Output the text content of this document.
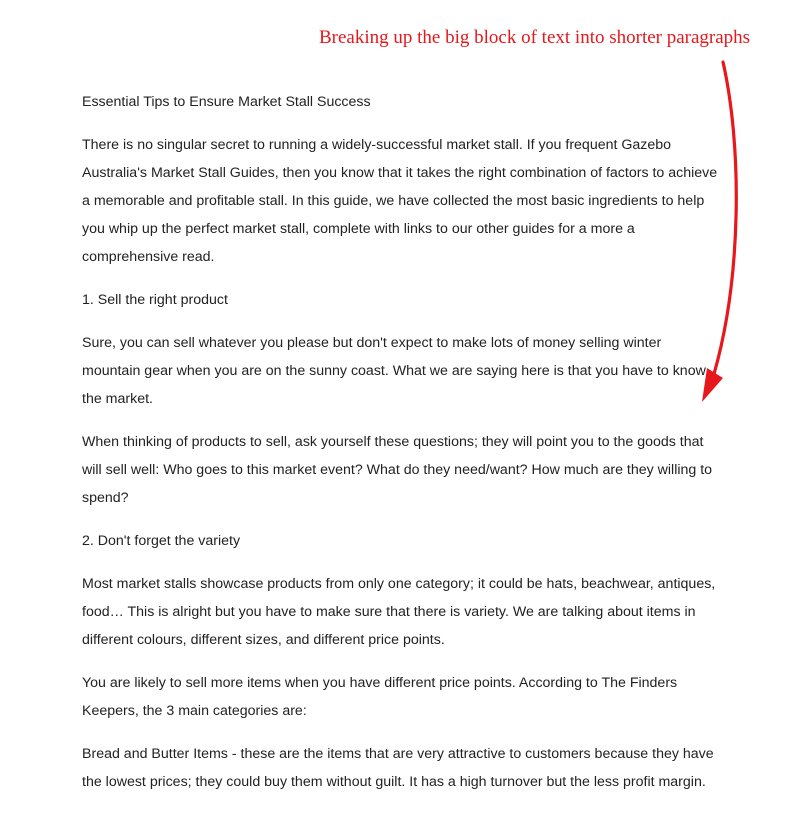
Breaking up the big block of text into shorter paragraphs

Essential Tips to Ensure Market Stall Success

There is no singular secret to running a widely-successful market stall. If you frequent Gazebo Australia's Market Stall Guides, then you know that it takes the right combination of factors to achieve a memorable and profitable stall. In this guide, we have collected the most basic ingredients to help you whip up the perfect market stall, complete with links to our other guides for a more a comprehensive read.

1. Sell the right product

Sure, you can sell whatever you please but don't expect to make lots of money selling winter mountain gear when you are on the sunny coast. What we are saying here is that you have to know the market.

When thinking of products to sell, ask yourself these questions; they will point you to the goods that will sell well: Who goes to this market event? What do they need/want? How much are they willing to spend?

2. Don't forget the variety

Most market stalls showcase products from only one category; it could be hats, beachwear, antiques, food… This is alright but you have to make sure that there is variety. We are talking about items in different colours, different sizes, and different price points.

You are likely to sell more items when you have different price points. According to The Finders Keepers, the 3 main categories are:

Bread and Butter Items - these are the items that are very attractive to customers because they have the lowest prices; they could buy them without guilt. It has a high turnover but the less profit margin.
